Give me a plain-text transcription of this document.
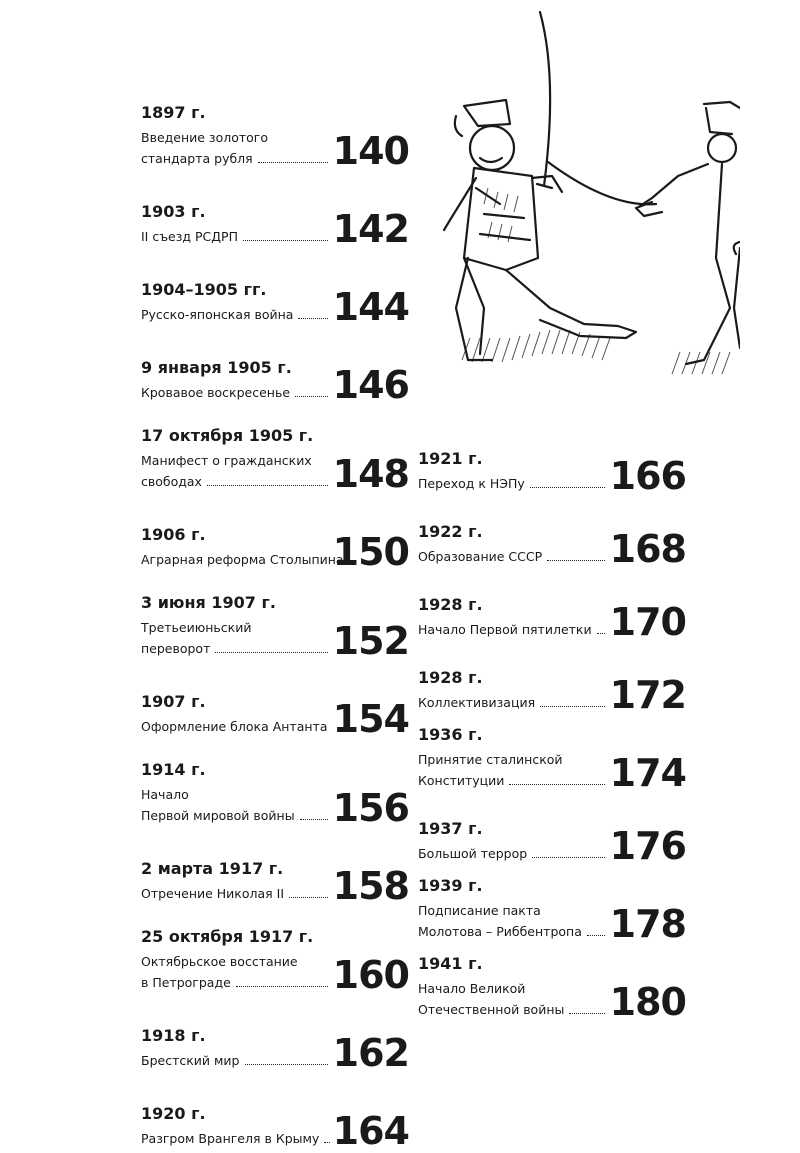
1897 г.
Введение золотого
стандарта рубля 140
1903 г.
II съезд РСДРП 142
1904–1905 гг.
Русско-японская война 144
9 января 1905 г.
Кровавое воскресенье 146
17 октября 1905 г.
Манифест о гражданских
свободах	148
1906 г.
Аграрная реформа Столыпина
150
3 июня 1907 г.
Третьеиюньский
переворот	152
1907 г.
Оформление блока Антанта 154
1914 г.
Начало
Первой мировой войны 156
2 марта 1917 г.
Отречение Николая II 158
25 октября 1917 г.
Октябрьское восстание
в Петрограде	160
1918 г.
Брестский мир 162
1920 г.
Разгром Врангеля в Крыму 164
1921 г.
Переход к НЭПу 166
1922 г.
Образование СССР 168
1928 г.
Начало Первой пятилетки 170
1928 г.
Коллективизация 172
1936 г.
Принятие сталинской
Конституции	174
1937 г.
Большой террор 176
1939 г.
Подписание пакта
Молотова – Риббентропа 178
1941 г.
Начало Великой
Отечественной войны 180
